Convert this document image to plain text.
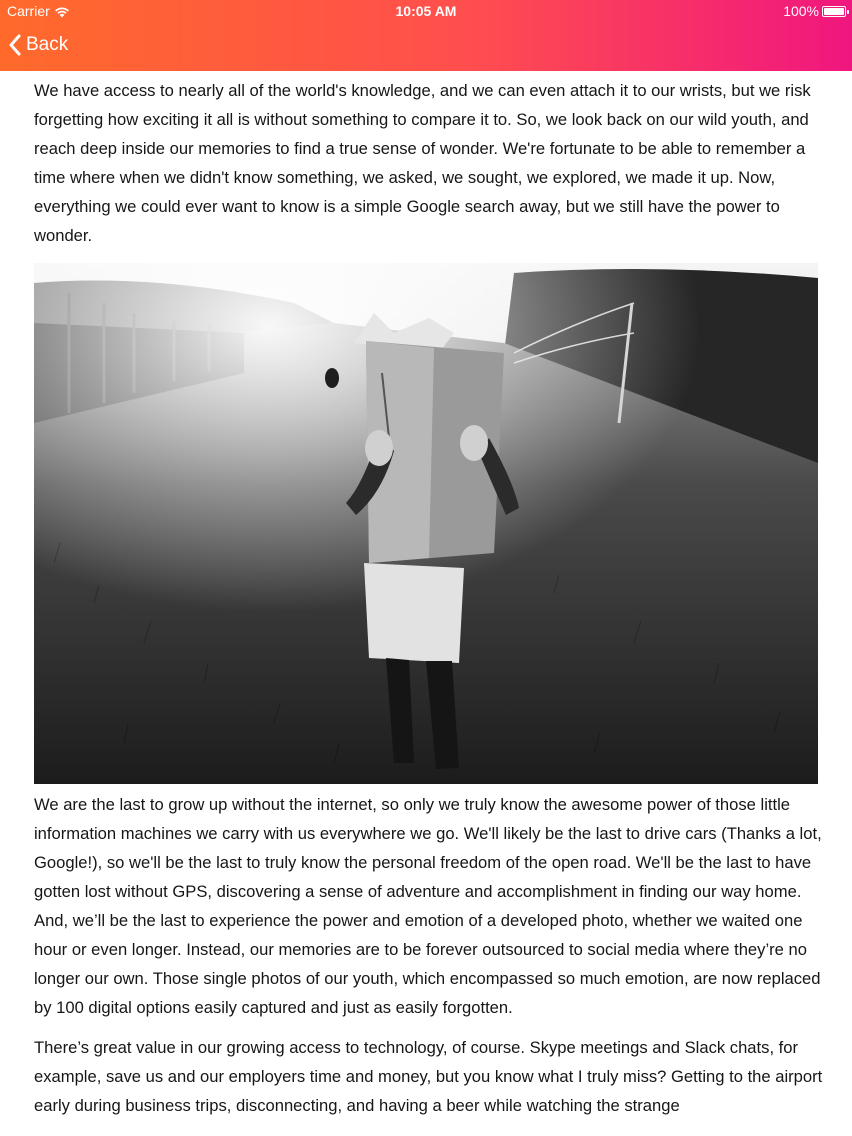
Carrier	10:05 AM	100%
Back

We have access to nearly all of the world's knowledge, and we can even attach it to our wrists, but we risk forgetting how exciting it all is without something to compare it to. So, we look back on our wild youth, and reach deep inside our memories to find a true sense of wonder. We're fortunate to be able to remember a time where when we didn't know something, we asked, we sought, we explored, we made it up. Now, everything we could ever want to know is a simple Google search away, but we still have the power to wonder.

We are the last to grow up without the internet, so only we truly know the awesome power of those little information machines we carry with us everywhere we go. We'll likely be the last to drive cars (Thanks a lot, Google!), so we'll be the last to truly know the personal freedom of the open road. We'll be the last to have gotten lost without GPS, discovering a sense of adventure and accomplishment in finding our way home. And, we’ll be the last to experience the power and emotion of a developed photo, whether we waited one hour or even longer. Instead, our memories are to be forever outsourced to social media where they’re no longer our own. Those single photos of our youth, which encompassed so much emotion, are now replaced by 100 digital options easily captured and just as easily forgotten.

There’s great value in our growing access to technology, of course. Skype meetings and Slack chats, for example, save us and our employers time and money, but you know what I truly miss? Getting to the airport early during business trips, disconnecting, and having a beer while watching the strange
